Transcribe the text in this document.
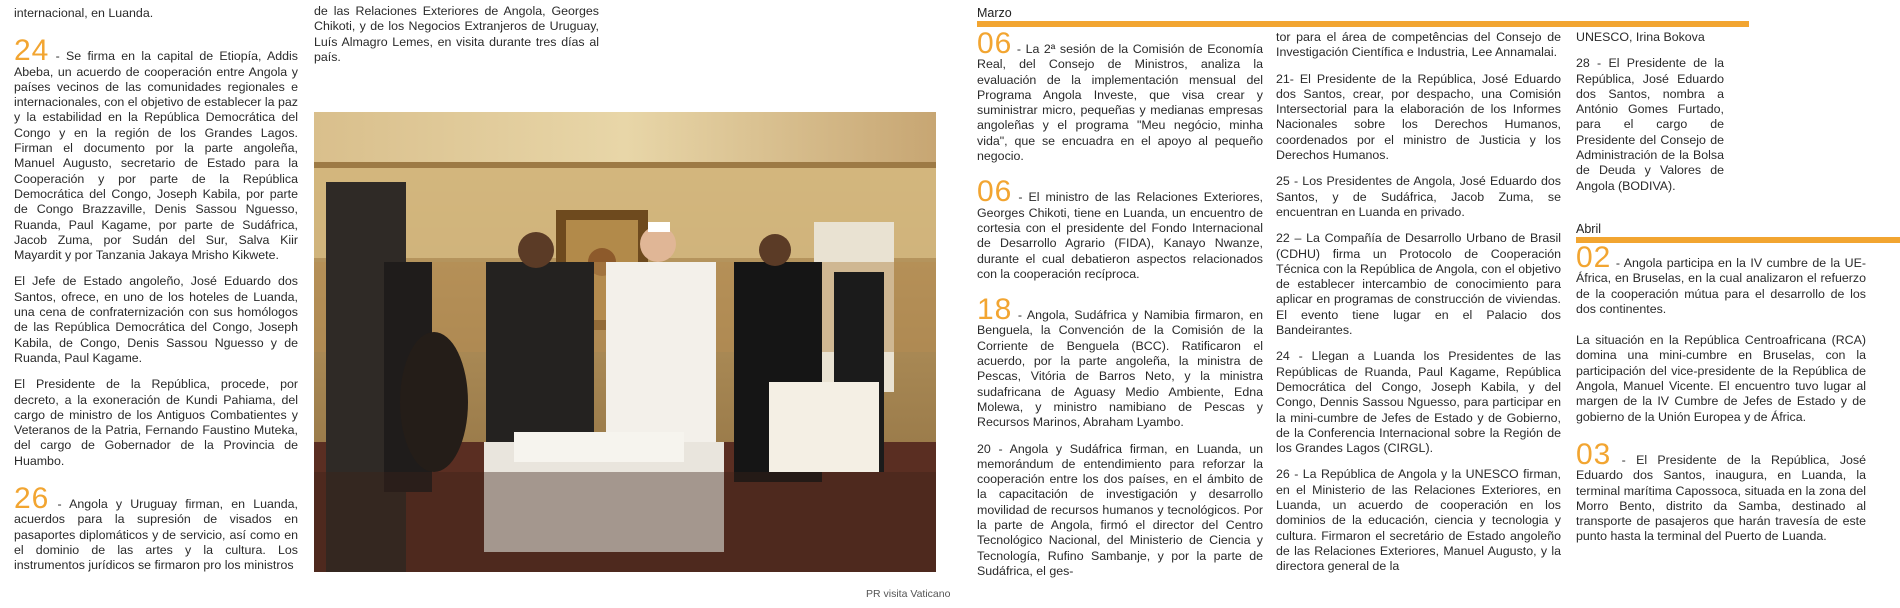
internacional, en Luanda.

24 - Se firma en la capital de Etiopía, Addis Abeba, un acuerdo de cooperación entre Angola y países vecinos de las comunidades regionales e internacionales, con el objetivo de establecer la paz y la estabilidad en la República Democrática del Congo y en la región de los Grandes Lagos. Firman el documento por la parte angoleña, Manuel Augusto, secretario de Estado para la Cooperación y por parte de la República Democrática del Congo, Joseph Kabila, por parte de Congo Brazzaville, Denis Sassou Nguesso, Ruanda, Paul Kagame, por parte de Sudáfrica, Jacob Zuma, por Sudán del Sur, Salva Kiir Mayardit y por Tanzania Jakaya Mrisho Kikwete.

El Jefe de Estado angoleño, José Eduardo dos Santos, ofrece, en uno de los hoteles de Luanda, una cena de confraternización con sus homólogos de las República Democrática del Congo, Joseph Kabila, de Congo, Denis Sassou Nguesso y de Ruanda, Paul Kagame.

El Presidente de la República, procede, por decreto, a la exoneración de Kundi Pahiama, del cargo de ministro de los Antiguos Combatientes y Veteranos de la Patria, Fernando Faustino Muteka, del cargo de Gobernador de la Provincia de Huambo.

26 - Angola y Uruguay firman, en Luanda, acuerdos para la supresión de visados en pasaportes diplomáticos y de servicio, así como en el dominio de las artes y la cultura. Los instrumentos jurídicos se firmaron pro los ministros

de las Relaciones Exteriores de Angola, Georges Chikoti, y de los Negocios Extranjeros de Uruguay, Luís Almagro Lemes, en visita durante tres días al país.

PR visita Vaticano
Marzo

06 - La 2ª sesión de la Comisión de Economía Real, del Consejo de Ministros, analiza la evaluación de la implementación mensual del Programa Angola Investe, que visa crear y suministrar micro, pequeñas y medianas empresas angoleñas y el programa "Meu negócio, minha vida", que se encuadra en el apoyo al pequeño negocio.

06 - El ministro de las Relaciones Exteriores, Georges Chikoti, tiene en Luanda, un encuentro de cortesia con el presidente del Fondo Internacional de Desarrollo Agrario (FIDA), Kanayo Nwanze, durante el cual debatieron aspectos relacionados con la cooperación recíproca.

18 - Angola, Sudáfrica y Namibia firmaron, en Benguela, la Convención de la Comisión de la Corriente de Benguela (BCC). Ratificaron el acuerdo, por la parte angoleña, la ministra de Pescas, Vitória de Barros Neto, y la ministra sudafricana de Aguasy Medio Ambiente, Edna Molewa, y ministro namibiano de Pescas y Recursos Marinos, Abraham Lyambo.

20 - Angola y Sudáfrica firman, en Luanda, un memorándum de entendimiento para reforzar la cooperación entre los dos países, en el ámbito de la capacitación de investigación y desarrollo movilidad de recursos humanos y tecnológicos. Por la parte de Angola, firmó el director del Centro Tecnológico Nacional, del Ministerio de Ciencia y Tecnología, Rufino Sambanje, y por la parte de Sudáfrica, el ges-

tor para el área de competências del Consejo de Investigación Científica e Industria, Lee Annamalai.

21- El Presidente de la República, José Eduardo dos Santos, crear, por despacho, una Comisión Intersectorial para la elaboración de los Informes Nacionales sobre los Derechos Humanos, coordenados por el ministro de Justicia y los Derechos Humanos.

25 - Los Presidentes de Angola, José Eduardo dos Santos, y de Sudáfrica, Jacob Zuma, se encuentran en Luanda en privado.

22 – La Compañía de Desarrollo Urbano de Brasil (CDHU) firma un Protocolo de Cooperación Técnica con la República de Angola, con el objetivo de establecer intercambio de conocimiento para aplicar en programas de construcción de viviendas. El evento tiene lugar en el Palacio dos Bandeirantes.

24 - Llegan a Luanda los Presidentes de las Repúblicas de Ruanda, Paul Kagame, República Democrática del Congo, Joseph Kabila, y del Congo, Dennis Sassou Nguesso, para participar en la mini-cumbre de Jefes de Estado y de Gobierno, de la Conferencia Internacional sobre la Región de los Grandes Lagos (CIRGL).

26 - La República de Angola y la UNESCO firman, en el Ministerio de las Relaciones Exteriores, en Luanda, un acuerdo de cooperación en los dominios de la educación, ciencia y tecnologia y cultura. Firmaron el secretário de Estado angoleño de las Relaciones Exteriores, Manuel Augusto, y la directora general de la

UNESCO, Irina Bokova

28 - El Presidente de la República, José Eduardo dos Santos, nombra a António Gomes Furtado, para el cargo de Presidente del Consejo de Administración de la Bolsa de Deuda y Valores de Angola (BODIVA).

Abril

02 - Angola participa en la IV cumbre de la UE-África, en Bruselas, en la cual analizaron el refuerzo de la cooperación mútua para el desarrollo de los dos continentes.

La situación en la República Centroafricana (RCA) domina una mini-cumbre en Bruselas, con la participación del vice-presidente de la República de Angola, Manuel Vicente. El encuentro tuvo lugar al margen de la IV Cumbre de Jefes de Estado y de gobierno de la Unión Europea y de África.

03 - El Presidente de la República, José Eduardo dos Santos, inaugura, en Luanda, la terminal marítima Capossoca, situada en la zona del Morro Bento, distrito da Samba, destinado al transporte de pasajeros que harán travesía de este punto hasta la terminal del Puerto de Luanda.
